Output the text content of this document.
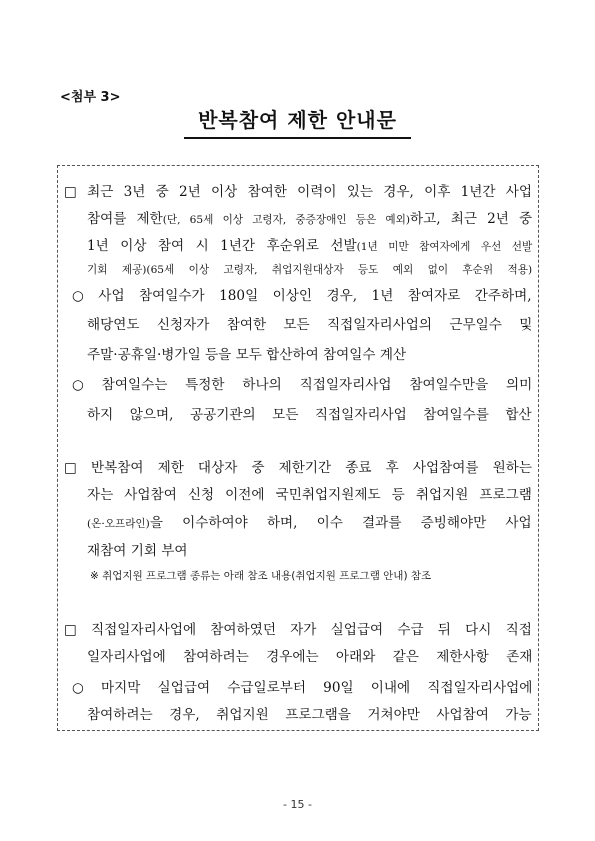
<첨부 3>
반복참여 제한 안내문
□ 최근 3년 중 2년 이상 참여한 이력이 있는 경우, 이후 1년간 사업
참여를 제한(단, 65세 이상 고령자, 중증장애인 등은 예외)하고, 최근 2년 중
1년 이상 참여 시 1년간 후순위로 선발(1년 미만 참여자에게 우선 선발
기회 제공)(65세 이상 고령자, 취업지원대상자 등도 예외 없이 후순위 적용)
○ 사업 참여일수가 180일 이상인 경우, 1년 참여자로 간주하며,
해당연도 신청자가 참여한 모든 직접일자리사업의 근무일수 및
주말·공휴일·병가일 등을 모두 합산하여 참여일수 계산
○ 참여일수는 특정한 하나의 직접일자리사업 참여일수만을 의미
하지 않으며, 공공기관의 모든 직접일자리사업 참여일수를 합산
□ 반복참여 제한 대상자 중 제한기간 종료 후 사업참여를 원하는
자는 사업참여 신청 이전에 국민취업지원제도 등 취업지원 프로그램
(온·오프라인)을 이수하여야 하며, 이수 결과를 증빙해야만 사업
재참여 기회 부여
※ 취업지원 프로그램 종류는 아래 참조 내용(취업지원 프로그램 안내) 참조
□ 직접일자리사업에 참여하였던 자가 실업급여 수급 뒤 다시 직접
일자리사업에 참여하려는 경우에는 아래와 같은 제한사항 존재
○ 마지막 실업급여 수급일로부터 90일 이내에 직접일자리사업에
참여하려는 경우, 취업지원 프로그램을 거쳐야만 사업참여 가능
- 15 -
